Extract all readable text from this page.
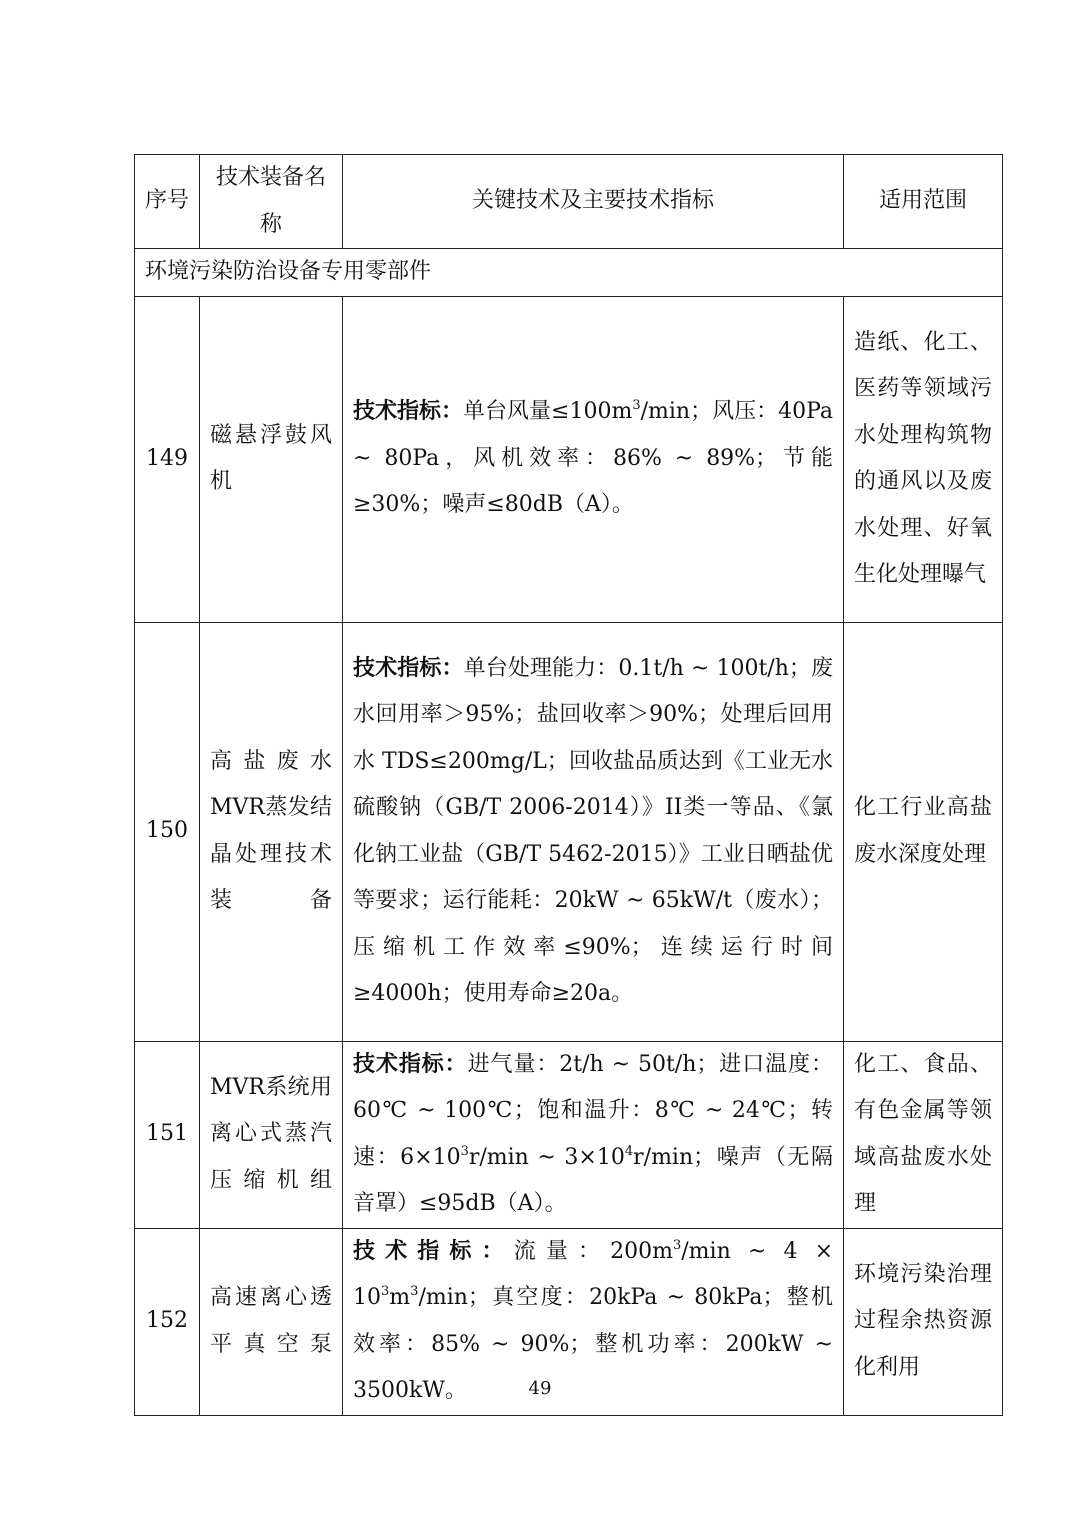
序号	技术装备名称	关键技术及主要技术指标	适用范围
环境污染防治设备专用零部件			
149	磁悬浮鼓风机	技术指标：单台风量$\le 100m^3/\min$；风压：40Pa ~ 80Pa，风机效率：86% ~ 89%；节能≥30%；噪声≤80dB（A）。	造纸、化工、医药等领域污水处理构筑物的通风以及废水处理、好氧生化处理曝气
150	高盐废水MVR蒸发结晶处理技术装备	技术指标：单台处理能力：0.1t/h ~ 100t/h；废水回用率＞95%；盐回收率＞90%；处理后回用水 TDS≤200mg/L；回收盐品质达到《工业无水硫酸钠（GB/T 2006-2014）》II类一等品、《氯化钠工业盐（GB/T 5462-2015）》工业日晒盐优等要求；运行能耗：20kW ~ 65kW/t（废水）；压缩机工作效率≤90%；连续运行时间≥4000h；使用寿命≥20a。	化工行业高盐废水深度处理
151	MVR系统用离心式蒸汽压缩机组	技术指标：进气量：2t/h ~ 50t/h；进口温度：60℃ ~ 100℃；饱和温升：8℃ ~ 24℃；转速：$6\times 10^3r/\min$ ~ $3\times 10^4r/\min$；噪声（无隔音罩）≤95dB（A）。	化工、食品、有色金属等领域高盐废水处理
152	高速离心透平真空泵	技术指标：流量：$200m^3/\min$ ~ $4 \times 10^3m^3/\min$；真空度：20kPa ~ 80kPa；整机效率：85% ~ 90%；整机功率：200kW ~ 3500kW。	环境污染治理过程余热资源化利用
49
